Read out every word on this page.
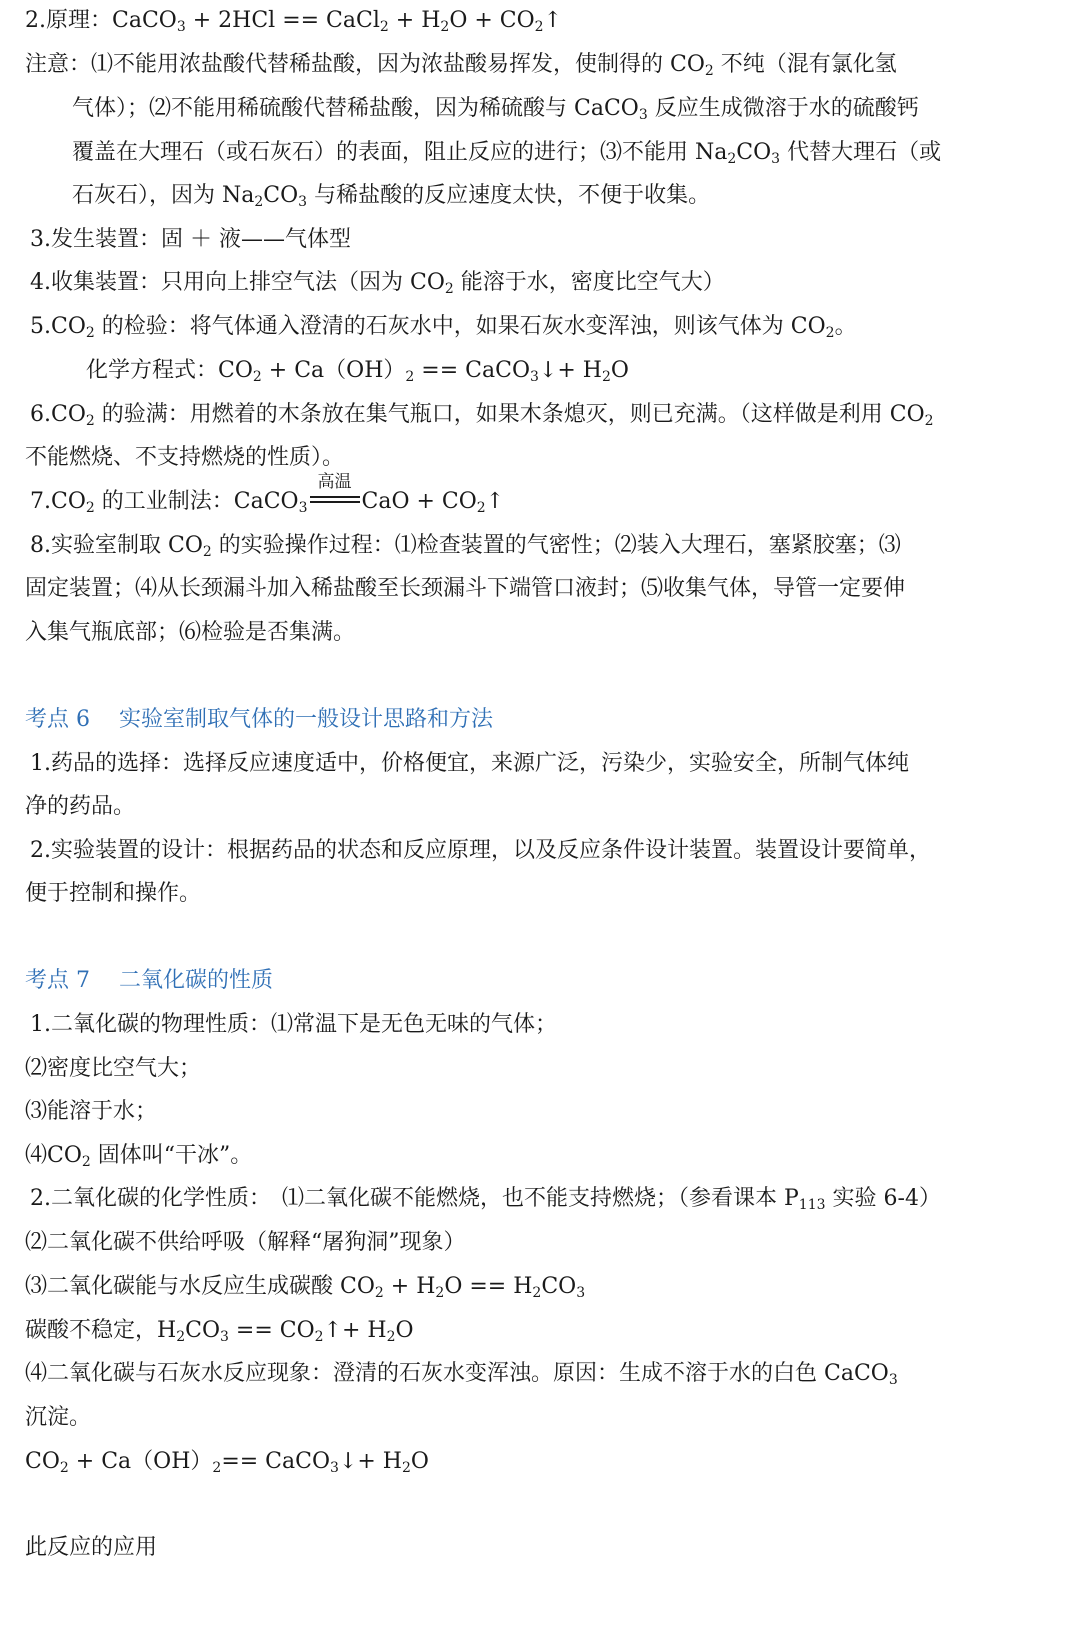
2.原理：CaCO$_3$ + 2HCl == CaCl$_2$ + $H_2O$ + $CO_2↑$
注意：⑴不能用浓盐酸代替稀盐酸，因为浓盐酸易挥发，使制得的 $CO_2$ 不纯（混有氯化氢
气体）；⑵不能用稀硫酸代替稀盐酸，因为稀硫酸与 CaCO$_3$ 反应生成微溶于水的硫酸钙
覆盖在大理石（或石灰石）的表面，阻止反应的进行；⑶不能用 $Na_2CO_3$ 代替大理石（或
石灰石），因为 $Na_2CO_3$ 与稀盐酸的反应速度太快，不便于收集。
3.发生装置：固 ＋ 液——气体型
4.收集装置：只用向上排空气法（因为 $CO_2$ 能溶于水，密度比空气大）
$5.CO_2$ 的检验：将气体通入澄清的石灰水中，如果石灰水变浑浊，则该气体为 $CO_2$。
化学方程式：$CO_2 + Ca(OH)_2$ == CaCO$_3$↓+ $H_2O$
$6.CO_2$ 的验满：用燃着的木条放在集气瓶口，如果木条熄灭，则已充满。（这样做是利用 $CO_2$
不能燃烧、不支持燃烧的性质）。
$7.CO_2$ 的工业制法：CaCO$_3$
高温
CaO + $CO_2↑$
8.实验室制取 $CO_2$ 的实验操作过程：⑴检查装置的气密性；⑵装入大理石，塞紧胶塞；⑶
固定装置；⑷从长颈漏斗加入稀盐酸至长颈漏斗下端管口液封；⑸收集气体，导管一定要伸
入集气瓶底部；⑹检验是否集满。
考点 6　 实验室制取气体的一般设计思路和方法
1.药品的选择：选择反应速度适中，价格便宜，来源广泛，污染少，实验安全，所制气体纯
净的药品。
2.实验装置的设计：根据药品的状态和反应原理，以及反应条件设计装置。装置设计要简单，
便于控制和操作。
考点 7　 二氧化碳的性质
1.二氧化碳的物理性质：⑴常温下是无色无味的气体；
⑵密度比空气大；
⑶能溶于水；
$⑷CO_2$ 固体叫“干冰”。
2.二氧化碳的化学性质：　⑴二氧化碳不能燃烧，也不能支持燃烧；（参看课本 $P_{113}$ 实验 6-4）
⑵二氧化碳不供给呼吸（解释“屠狗洞”现象）
⑶二氧化碳能与水反应生成碳酸 $CO_2 + H_2O == H_2CO_3$
碳酸不稳定，$H_2CO_3$ == $CO_2↑+ H_2O$
⑷二氧化碳与石灰水反应现象：澄清的石灰水变浑浊。原因：生成不溶于水的白色 CaCO$_3$
沉淀。
$CO_2 + Ca(OH)_2==$ CaCO$_3$↓+ $H_2O$
此反应的应用
